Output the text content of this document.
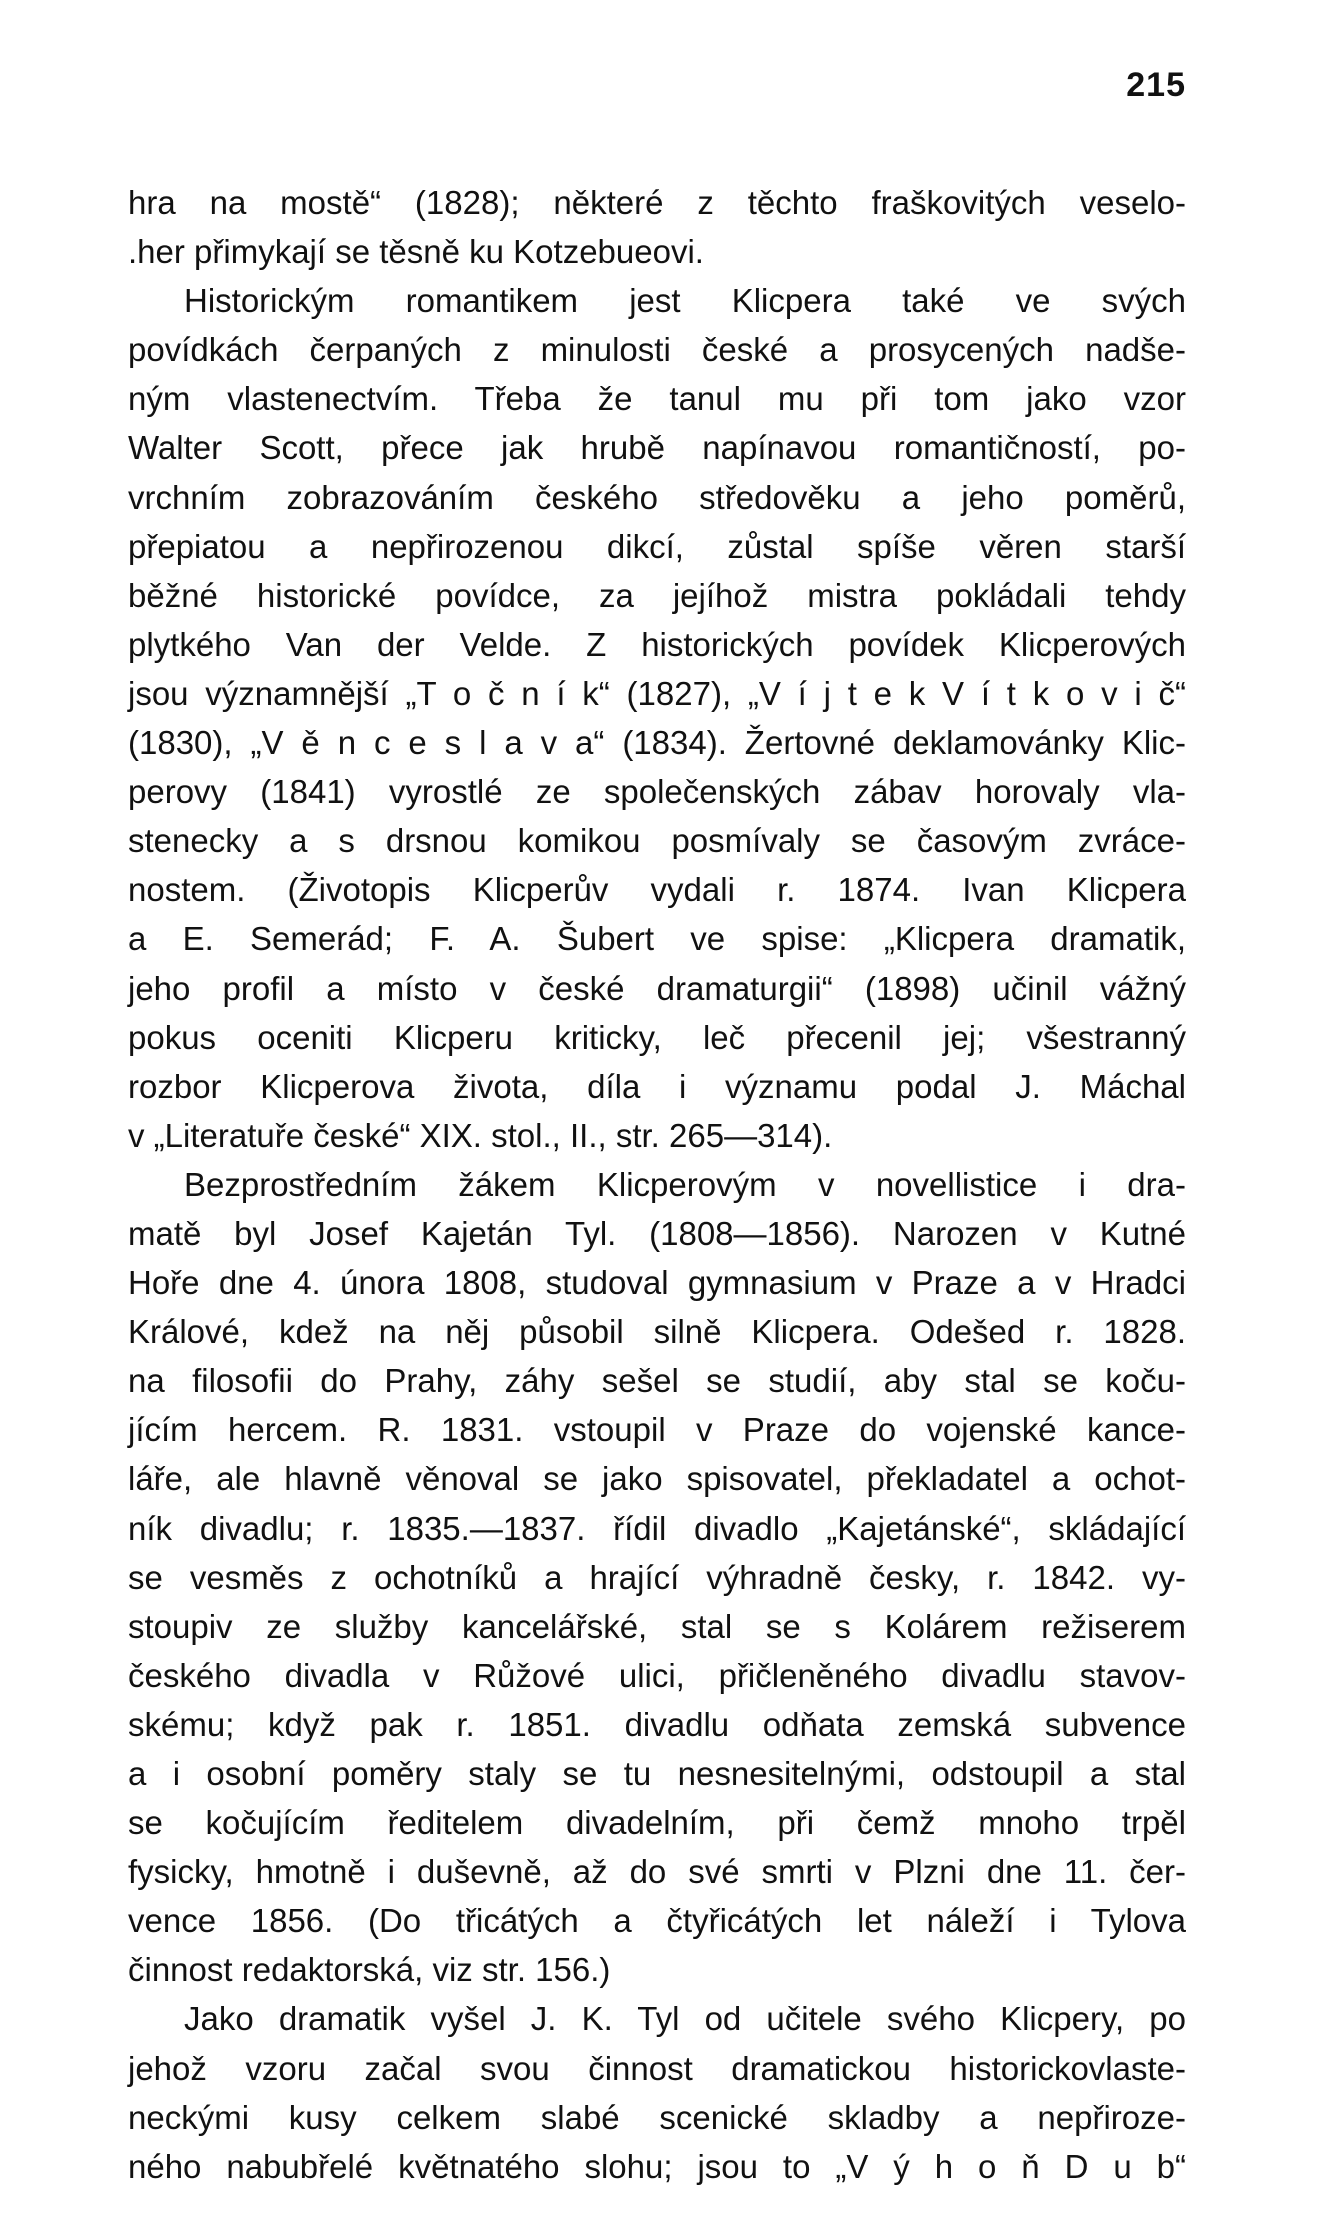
215
hra na mostě“ (1828); některé z těchto fraškovitých veselo-
.her přimykají se těsně ku Kotzebueovi.
Historickým romantikem jest Klicpera také ve svých
povídkách čerpaných z minulosti české a prosycených nadše-
ným vlastenectvím. Třeba že tanul mu při tom jako vzor
Walter Scott, přece jak hrubě napínavou romantičností, po-
vrchním zobrazováním českého středověku a jeho poměrů,
přepiatou a nepřirozenou dikcí, zůstal spíše věren starší
běžné historické povídce, za jejíhož mistra pokládali tehdy
plytkého Van der Velde. Z historických povídek Klicperových
jsou významnější „T o č n í k“ (1827), „V í j t e k V í t k o v i č“
(1830), „V ě n c e s l a v a“ (1834). Žertovné deklamovánky Klic-
perovy (1841) vyrostlé ze společenských zábav horovaly vla-
stenecky a s drsnou komikou posmívaly se časovým zvráce-
nostem. (Životopis Klicperův vydali r. 1874. Ivan Klicpera
a E. Semerád; F. A. Šubert ve spise: „Klicpera dramatik,
jeho profil a místo v české dramaturgii“ (1898) učinil vážný
pokus oceniti Klicperu kriticky, leč přecenil jej; všestranný
rozbor Klicperova života, díla i významu podal J. Máchal
v „Literatuře české“ XIX. stol., II., str. 265—314).
Bezprostředním žákem Klicperovým v novellistice i dra-
matě byl Josef Kajetán Tyl. (1808—1856). Narozen v Kutné
Hoře dne 4. února 1808, studoval gymnasium v Praze a v Hradci
Králové, kdež na něj působil silně Klicpera. Odešed r. 1828.
na filosofii do Prahy, záhy sešel se studií, aby stal se koču-
jícím hercem. R. 1831. vstoupil v Praze do vojenské kance-
láře, ale hlavně věnoval se jako spisovatel, překladatel a ochot-
ník divadlu; r. 1835.—1837. řídil divadlo „Kajetánské“, skládající
se vesměs z ochotníků a hrající výhradně česky, r. 1842. vy-
stoupiv ze služby kancelářské, stal se s Kolárem režiserem
českého divadla v Růžové ulici, přičleněného divadlu stavov-
skému; když pak r. 1851. divadlu odňata zemská subvence
a i osobní poměry staly se tu nesnesitelnými, odstoupil a stal
se kočujícím ředitelem divadelním, při čemž mnoho trpěl
fysicky, hmotně i duševně, až do své smrti v Plzni dne 11. čer-
vence 1856. (Do třicátých a čtyřicátých let náleží i Tylova
činnost redaktorská, viz str. 156.)
Jako dramatik vyšel J. K. Tyl od učitele svého Klicpery, po
jehož vzoru začal svou činnost dramatickou historickovlaste-
neckými kusy celkem slabé scenické skladby a nepřiroze-
ného nabubřelé květnatého slohu; jsou to „V ý h o ň D u b“
